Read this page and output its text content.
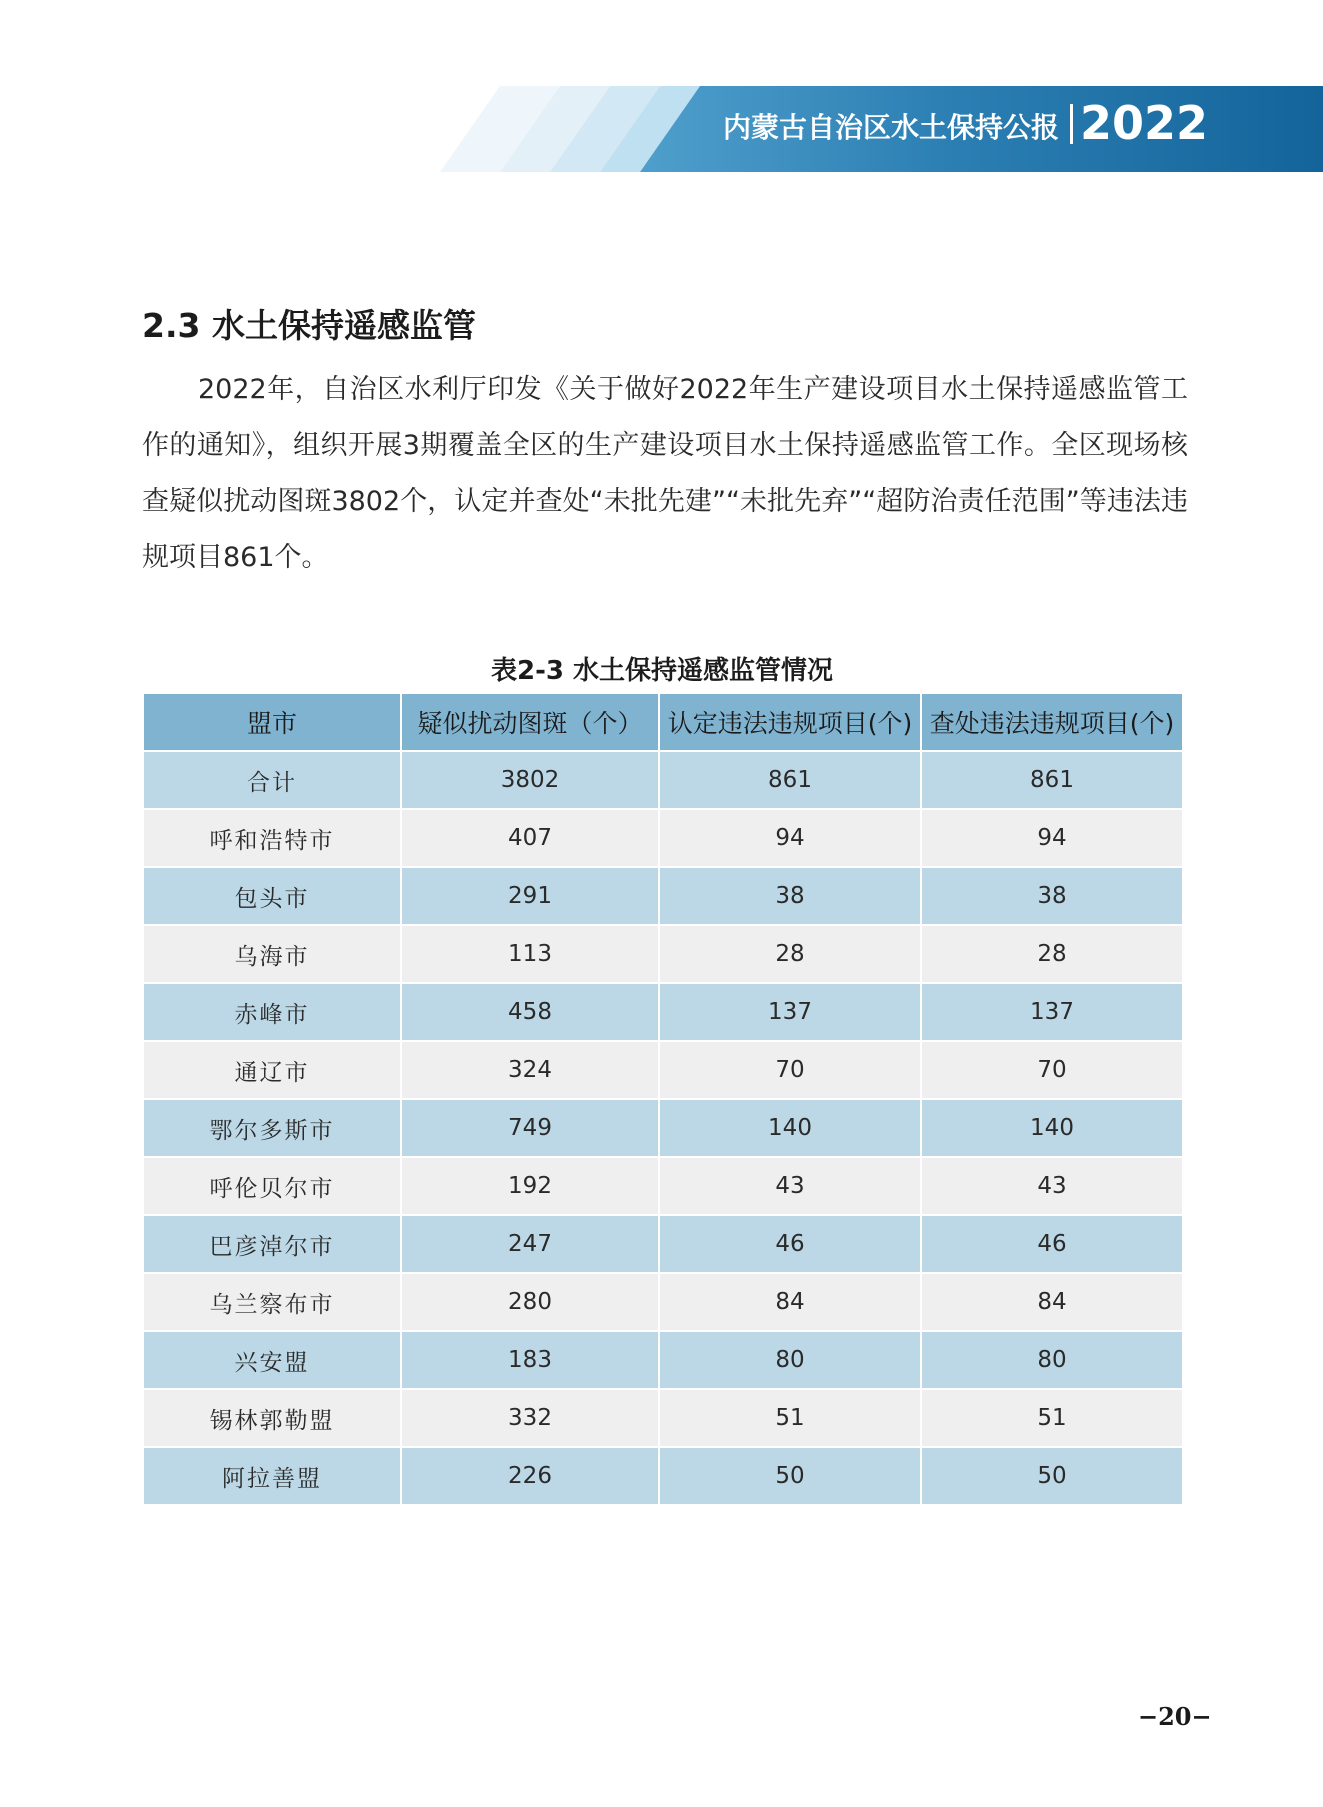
内蒙古自治区水土保持公报 2022
2.3 水土保持遥感监管

2022年，自治区水利厅印发《关于做好2022年生产建设项目水土保持遥感监管工作的通知》，组织开展3期覆盖全区的生产建设项目水土保持遥感监管工作。全区现场核查疑似扰动图斑3802个，认定并查处“未批先建”“未批先弃”“超防治责任范围”等违法违规项目861个。

表2-3 水土保持遥感监管情况
盟市	疑似扰动图斑（个）	认定违法违规项目(个)	查处违法违规项目(个)
合计	3802	861	861
呼和浩特市	407	94	94
包头市	291	38	38
乌海市	113	28	28
赤峰市	458	137	137
通辽市	324	70	70
鄂尔多斯市	749	140	140
呼伦贝尔市	192	43	43
巴彦淖尔市	247	46	46
乌兰察布市	280	84	84
兴安盟	183	80	80
锡林郭勒盟	332	51	51
阿拉善盟	226	50	50
−20−
